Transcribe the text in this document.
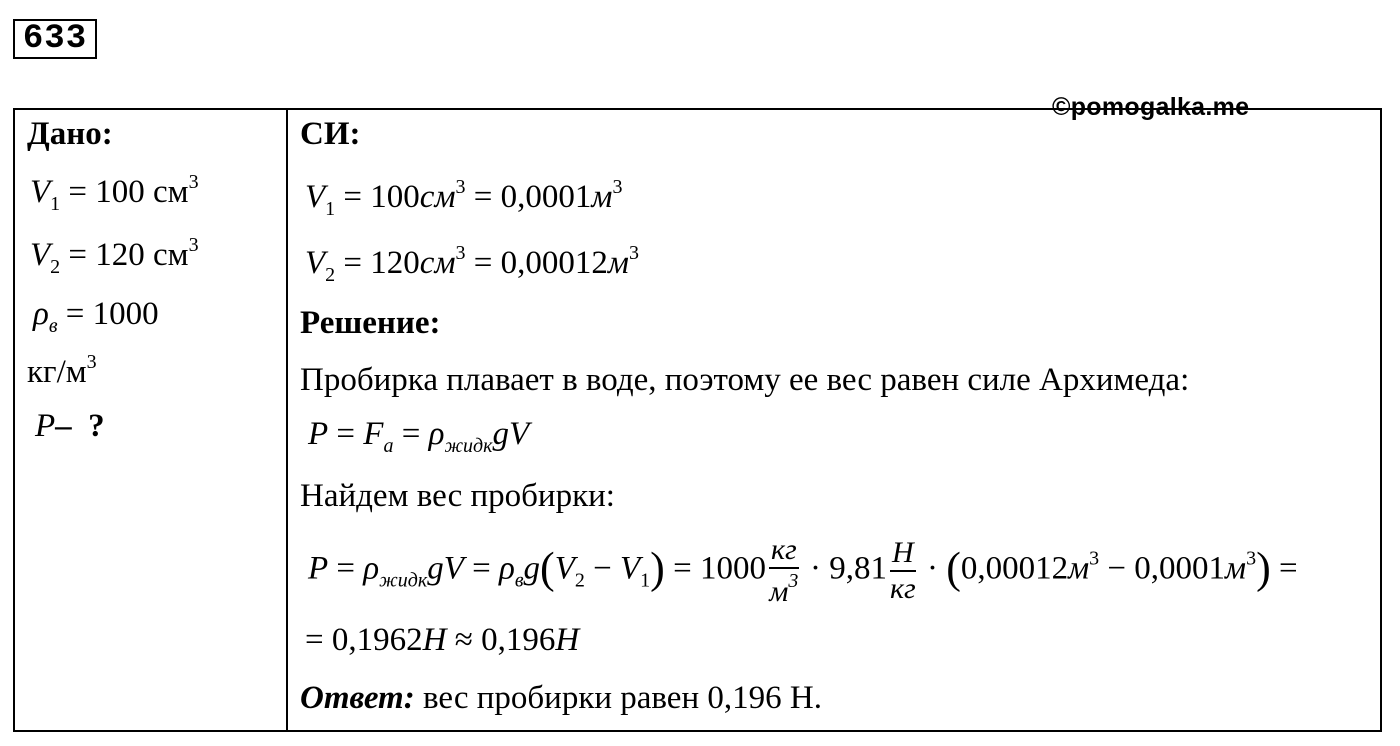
633
©pomogalka.me
Дано:
$V_1 = 100$ $см^3$
$V_2 = 120$ $см^3$
$\rho_в = 1000$
$кг/м^3$
P– ?
СИ:
$V_1 = 100см^3 = 0,0001м^3$
$V_2 = 120см^3 = 0,00012м^3$
Решение:
Пробирка плавает в воде, поэтому ее вес равен силе Архимеда:
$P = F_а = \rho_{жидк}gV$
Найдем вес пробирки:
$P = \rho_{жидк}gV = \rho_вg(V_2 - V_1) = 1000 \frac{кг}{м^3} \cdot 9,81 \frac{Н}{кг} \cdot (0,00012м^3 - 0,0001м^3)$ =
= 0,1962Н ≈ 0,196Н
Ответ: вес пробирки равен 0,196 Н.
